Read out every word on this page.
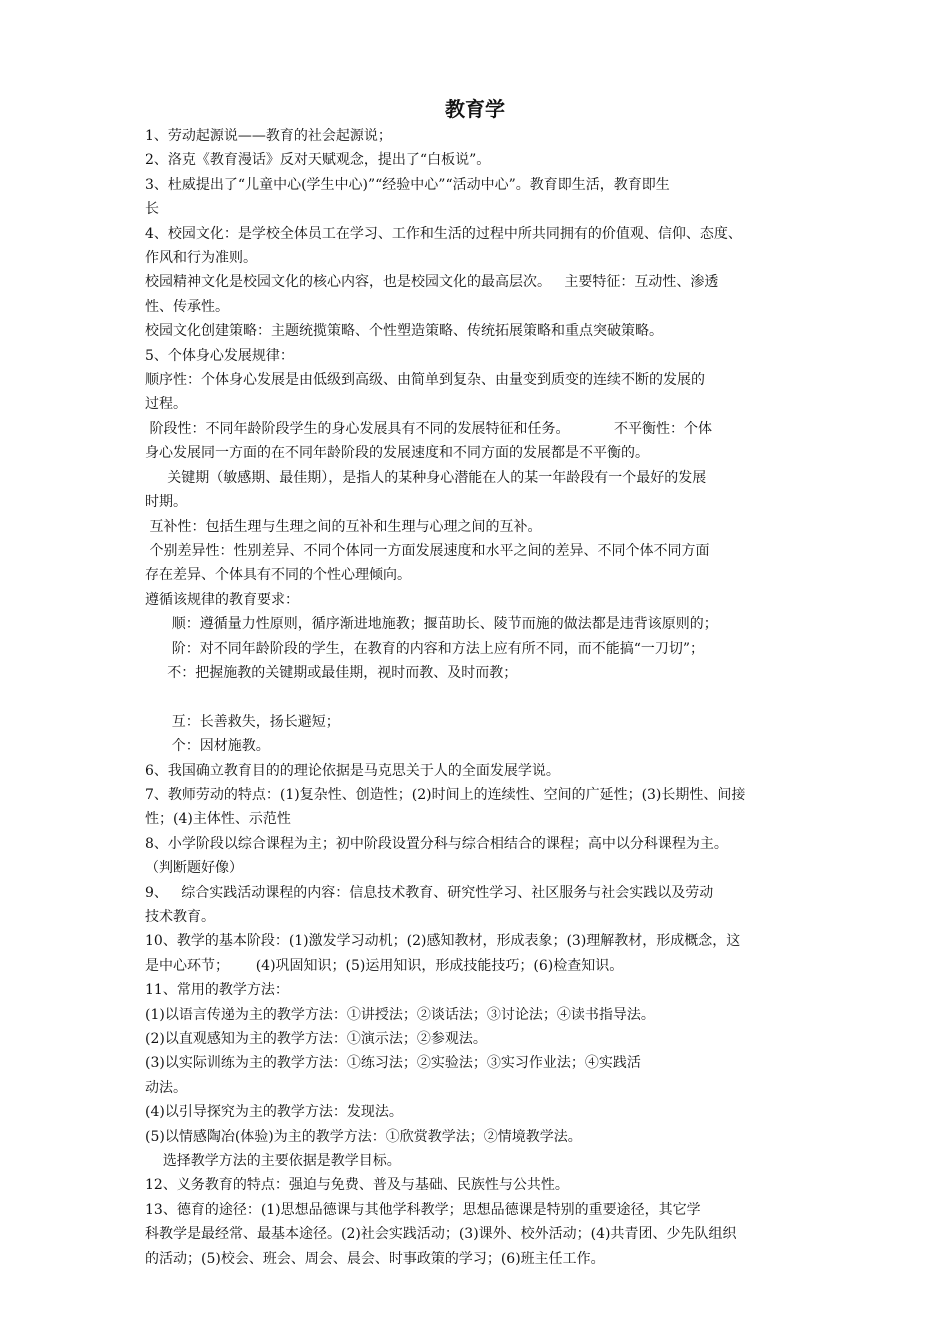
教育学

1、劳动起源说——教育的社会起源说；

2、洛克《教育漫话》反对天赋观念，提出了“白板说”。

3、杜威提出了“儿童中心(学生中心)”“经验中心”“活动中心”。教育即生活，教育即生

长

4、校园文化：是学校全体员工在学习、工作和生活的过程中所共同拥有的价值观、信仰、态度、

作风和行为准则。

校园精神文化是校园文化的核心内容，也是校园文化的最高层次。   主要特征：互动性、渗透

性、传承性。

校园文化创建策略：主题统揽策略、个性塑造策略、传统拓展策略和重点突破策略。

5、个体身心发展规律：

顺序性：个体身心发展是由低级到高级、由简单到复杂、由量变到质变的连续不断的发展的

过程。

阶段性：不同年龄阶段学生的身心发展具有不同的发展特征和任务。          不平衡性：个体

身心发展同一方面的在不同年龄阶段的发展速度和不同方面的发展都是不平衡的。

关键期（敏感期、最佳期），是指人的某种身心潜能在人的某一年龄段有一个最好的发展

时期。

互补性：包括生理与生理之间的互补和生理与心理之间的互补。

个别差异性：性别差异、不同个体同一方面发展速度和水平之间的差异、不同个体不同方面

存在差异、个体具有不同的个性心理倾向。

遵循该规律的教育要求：

顺：遵循量力性原则，循序渐进地施教；揠苗助长、陵节而施的做法都是违背该原则的；

阶：对不同年龄阶段的学生，在教育的内容和方法上应有所不同，而不能搞“一刀切”；

不：把握施教的关键期或最佳期，视时而教、及时而教；

互：长善救失，扬长避短；

个：因材施教。

6、我国确立教育目的的理论依据是马克思关于人的全面发展学说。

7、教师劳动的特点：(1)复杂性、创造性；(2)时间上的连续性、空间的广延性；(3)长期性、间接

性；(4)主体性、示范性

8、小学阶段以综合课程为主；初中阶段设置分科与综合相结合的课程；高中以分科课程为主。

（判断题好像）

9、   综合实践活动课程的内容：信息技术教育、研究性学习、社区服务与社会实践以及劳动

技术教育。

10、教学的基本阶段：(1)激发学习动机；(2)感知教材，形成表象；(3)理解教材，形成概念，这

是中心环节；      (4)巩固知识；(5)运用知识，形成技能技巧；(6)检查知识。

11、常用的教学方法：

(1)以语言传递为主的教学方法：①讲授法；②谈话法；③讨论法；④读书指导法。

(2)以直观感知为主的教学方法：①演示法；②参观法。

(3)以实际训练为主的教学方法：①练习法；②实验法；③实习作业法；④实践活

动法。

(4)以引导探究为主的教学方法：发现法。

(5)以情感陶冶(体验)为主的教学方法：①欣赏教学法；②情境教学法。

选择教学方法的主要依据是教学目标。

12、义务教育的特点：强迫与免费、普及与基础、民族性与公共性。

13、德育的途径：(1)思想品德课与其他学科教学；思想品德课是特别的重要途径，其它学

科教学是最经常、最基本途径。(2)社会实践活动；(3)课外、校外活动；(4)共青团、少先队组织

的活动；(5)校会、班会、周会、晨会、时事政策的学习；(6)班主任工作。
